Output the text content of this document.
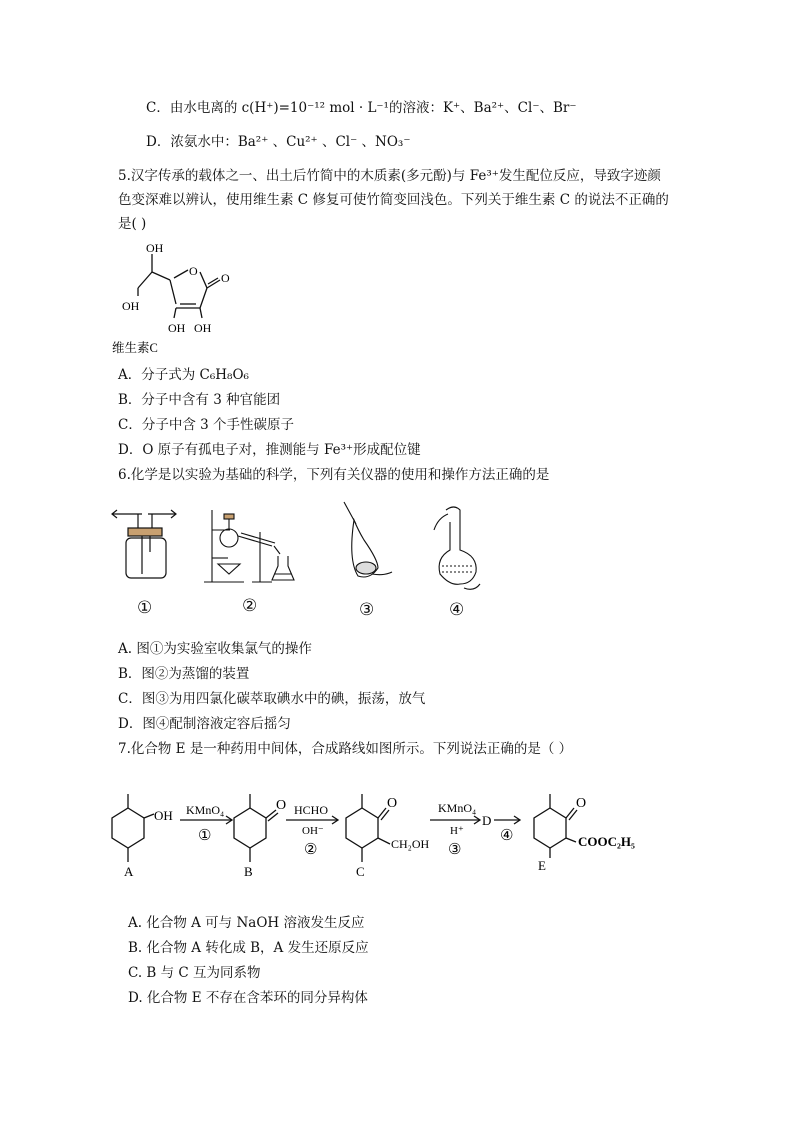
C．由水电离的 c(H⁺)=10⁻¹² mol · L⁻¹的溶液：K⁺、Ba²⁺、Cl⁻、Br⁻
D．浓氨水中：Ba²⁺ 、Cu²⁺ 、Cl⁻ 、NO₃⁻
5.汉字传承的载体之一、出土后竹简中的木质素(多元酚)与 Fe³⁺发生配位反应，导致字迹颜
色变深难以辨认，使用维生素 C 修复可使竹简变回浅色。下列关于维生素 C 的说法不正确的
是( )
OH
OH
O O
OH OH
维生素C
A．分子式为 C₆H₈O₆
B．分子中含有 3 种官能团
C．分子中含 3 个手性碳原子
D．O 原子有孤电子对，推测能与 Fe³⁺形成配位键
6.化学是以实验为基础的科学，下列有关仪器的使用和操作方法正确的是
①	②	③	④
A. 图①为实验室收集氯气的操作
B．图②为蒸馏的装置
C．图③为用四氯化碳萃取碘水中的碘，振荡，放气
D．图④配制溶液定容后摇匀
7.化合物 E 是一种药用中间体，合成路线如图所示。下列说法正确的是（ ）
OH
A
KMnO₄
①
O
B
HCHO
OH⁻
②
O
CH₂OH
C
KMnO₄
H⁺
③
D
④
O
COOC₂H₅
E
A. 化合物 A 可与 NaOH 溶液发生反应
B. 化合物 A 转化成 B，A 发生还原反应
C. B 与 C 互为同系物
D. 化合物 E 不存在含苯环的同分异构体
